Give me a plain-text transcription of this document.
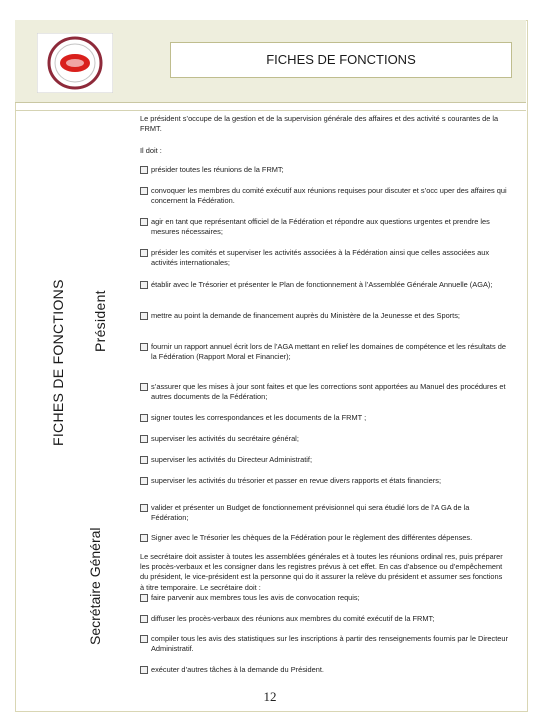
FICHES DE FONCTIONS
FICHES DE FONCTIONS Président
Secrétaire Général
Le président s’occupe de la gestion et de la supervision générale des affaires et des activité s courantes de la FRMT.
Il doit :
présider toutes les réunions de la FRMT;
convoquer les membres du comité exécutif aux réunions requises pour discuter et s’occ uper des affaires qui concernent la Fédération.
agir en tant que représentant officiel de la Fédération et répondre aux questions urgentes et prendre les mesures nécessaires;
présider les comités et superviser les activités associées à la Fédération ainsi que celles associées aux activités internationales;
établir avec le Trésorier et présenter le Plan de fonctionnement à l’Assemblée Générale Annuelle (AGA);
mettre au point la demande de financement auprès du Ministère de la Jeunesse et des Sports;
fournir un rapport annuel écrit lors de l’AGA mettant en relief les domaines de compétence et les résultats de la Fédération (Rapport Moral et Financier);
s’assurer que les mises à jour sont faites et que les corrections sont apportées au Manuel des procédures et autres documents de la Fédération;
signer toutes les correspondances et les documents de la FRMT ;
superviser les activités du secrétaire général;
superviser les activités du Directeur Administratif;
superviser les activités du trésorier et passer en revue divers rapports et états financiers;
valider et présenter un Budget de fonctionnement prévisionnel qui sera étudié lors de l’A GA de la Fédération;
Signer avec le Trésorier les chèques de la Fédération pour le règlement des différentes dépenses.
Le secrétaire doit assister à toutes les assemblées générales et à toutes les réunions ordinal res, puis préparer les procès-verbaux et les consigner dans les registres prévus à cet effet. En cas d’absence ou d’empêchement du président, le vice-président est la personne qui do it assurer la relève du président et assumer ses fonctions à titre temporaire. Le secrétaire doit :
faire parvenir aux membres tous les avis de convocation requis;
diffuser les procès-verbaux des réunions aux membres du comité exécutif de la FRMT;
compiler tous les avis des statistiques sur les inscriptions à partir des renseignements fournis par le Directeur Administratif.
exécuter d’autres tâches à la demande du Président.
12
